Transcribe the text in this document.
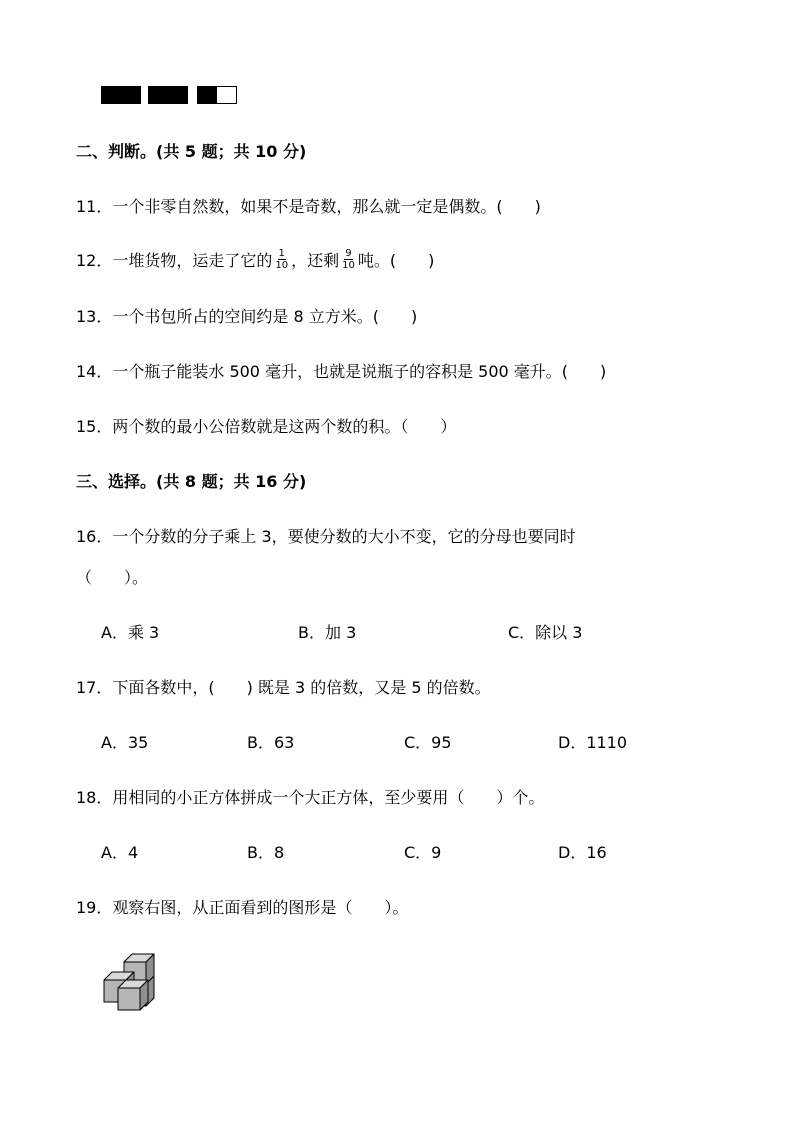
二、判断。(共 5 题；共 10 分)
11．一个非零自然数，如果不是奇数，那么就一定是偶数。(　　)
12．一堆货物，运走了它的 $\frac{1}{10}$ ，还剩 $\frac{9}{10}$ 吨。(　　)
13．一个书包所占的空间约是 8 立方米。(　　)
14．一个瓶子能装水 500 毫升，也就是说瓶子的容积是 500 毫升。(　　)
15．两个数的最小公倍数就是这两个数的积。（　　）
三、选择。(共 8 题；共 16 分)
16．一个分数的分子乘上 3，要使分数的大小不变，它的分母也要同时
（　　）。
A．乘 3	B．加 3	C．除以 3
17．下面各数中，(　　) 既是 3 的倍数，又是 5 的倍数。
A．35	B．63	C．95	D．1110
18．用相同的小正方体拼成一个大正方体，至少要用（　　）个。
A．4	B．8	C．9	D．16
19．观察右图，从正面看到的图形是（　　）。
